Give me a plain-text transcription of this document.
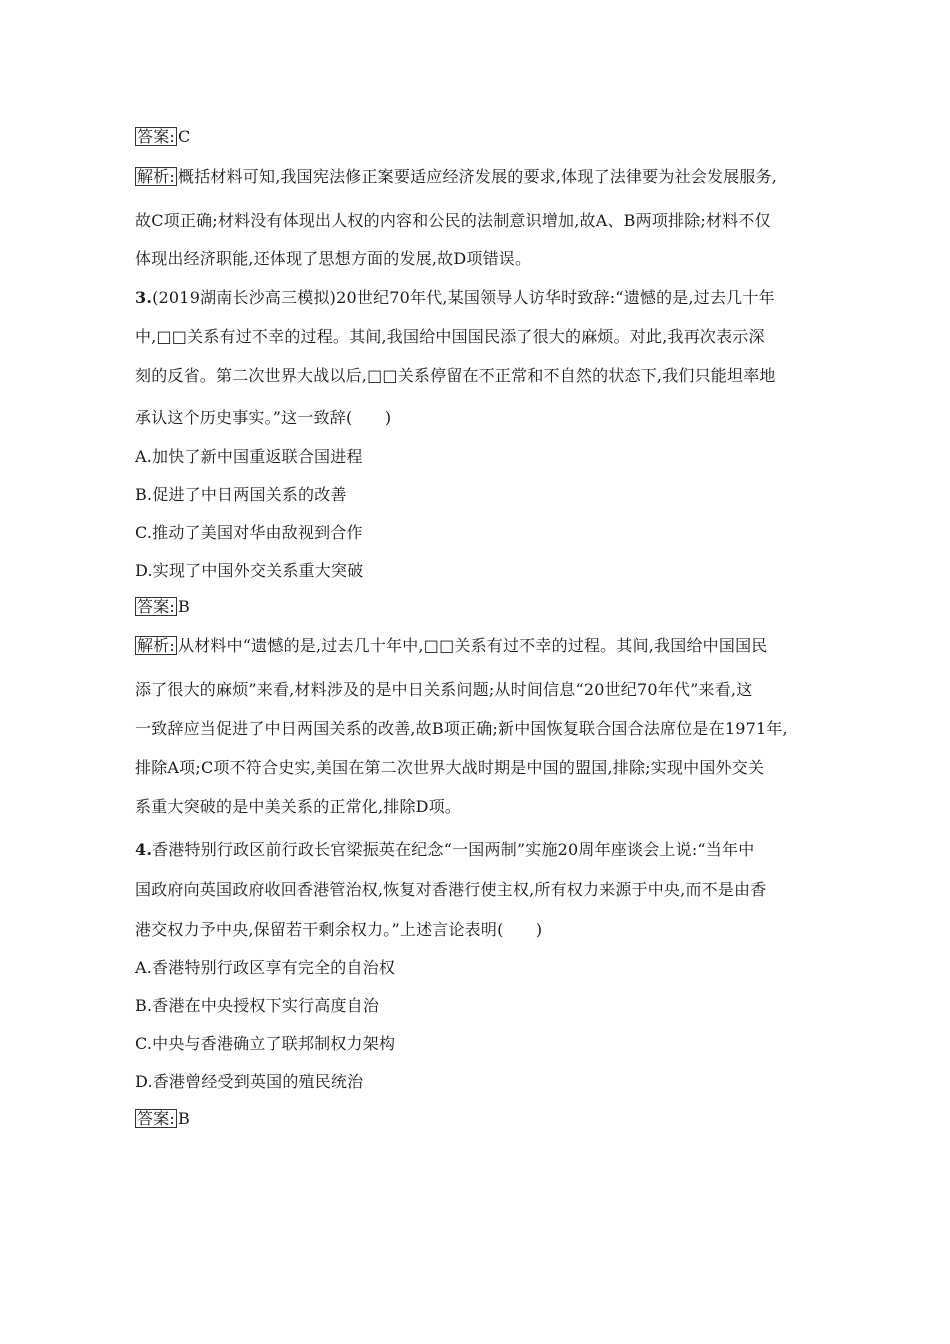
答案: C
解析: 概括材料可知,我国宪法修正案要适应经济发展的要求,体现了法律要为社会发展服务,
故C项正确;材料没有体现出人权的内容和公民的法制意识增加,故A、B两项排除;材料不仅
体现出经济职能,还体现了思想方面的发展,故D项错误。
3.(2019湖南长沙高三模拟)20世纪70年代,某国领导人访华时致辞:“遗憾的是,过去几十年
中,□□关系有过不幸的过程。其间,我国给中国国民添了很大的麻烦。对此,我再次表示深
刻的反省。第二次世界大战以后,□□关系停留在不正常和不自然的状态下,我们只能坦率地
承认这个历史事实。”这一致辞(　　)
A.加快了新中国重返联合国进程
B.促进了中日两国关系的改善
C.推动了美国对华由敌视到合作
D.实现了中国外交关系重大突破
答案: B
解析: 从材料中“遗憾的是,过去几十年中,□□关系有过不幸的过程。其间,我国给中国国民
添了很大的麻烦”来看,材料涉及的是中日关系问题;从时间信息“20世纪70年代”来看,这
一致辞应当促进了中日两国关系的改善,故B项正确;新中国恢复联合国合法席位是在1971年,
排除A项;C项不符合史实,美国在第二次世界大战时期是中国的盟国,排除;实现中国外交关
系重大突破的是中美关系的正常化,排除D项。
4.香港特别行政区前行政长官梁振英在纪念“一国两制”实施20周年座谈会上说:“当年中
国政府向英国政府收回香港管治权,恢复对香港行使主权,所有权力来源于中央,而不是由香
港交权力予中央,保留若干剩余权力。”上述言论表明(　　)
A.香港特别行政区享有完全的自治权
B.香港在中央授权下实行高度自治
C.中央与香港确立了联邦制权力架构
D.香港曾经受到英国的殖民统治
答案: B
